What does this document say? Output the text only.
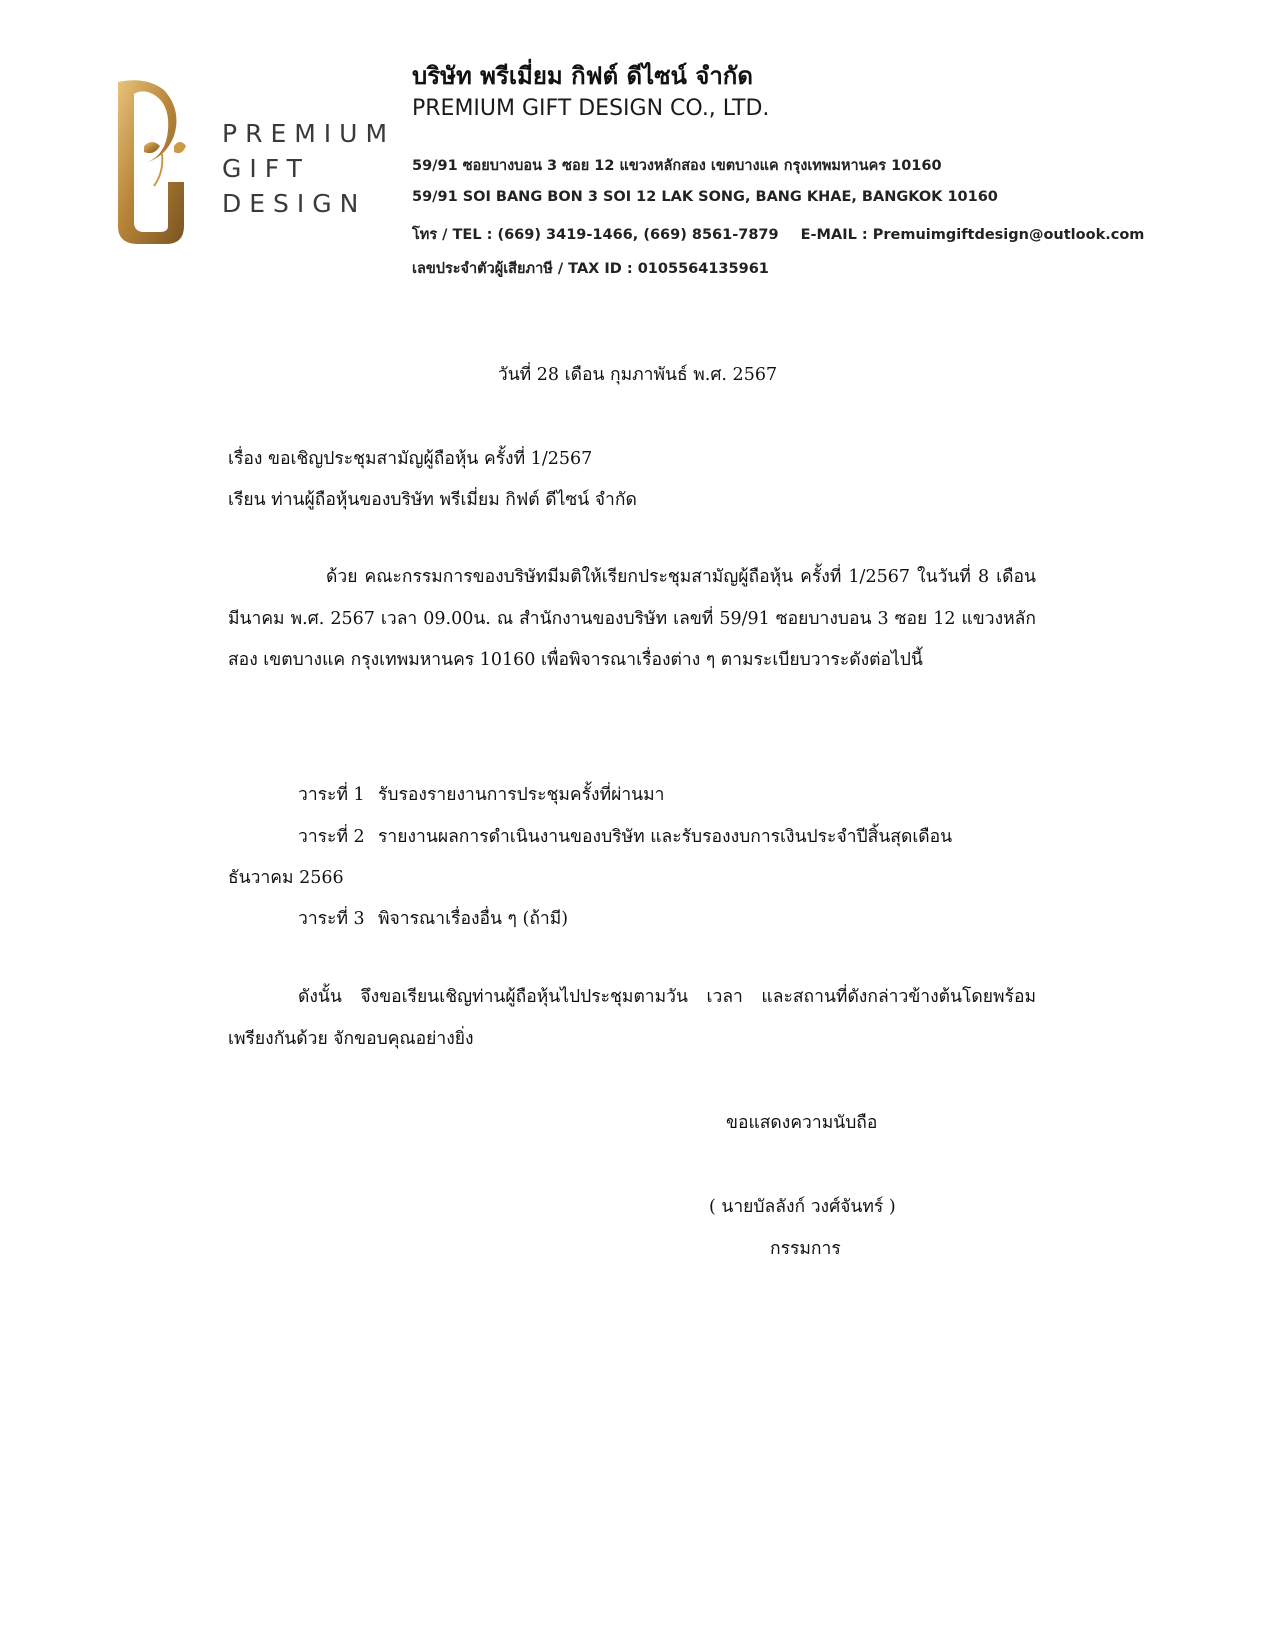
PREMIUM
GIFT
DESIGN
บริษัท พรีเมี่ยม กิฟต์ ดีไซน์ จำกัด
PREMIUM GIFT DESIGN CO., LTD.
59/91 ซอยบางบอน 3 ซอย 12 แขวงหลักสอง เขตบางแค กรุงเทพมหานคร 10160
59/91 SOI BANG BON 3 SOI 12 LAK SONG, BANG KHAE, BANGKOK 10160
โทร / TEL : (669) 3419-1466, (669) 8561-7879 E-MAIL : Premuimgiftdesign@outlook.com
เลขประจำตัวผู้เสียภาษี / TAX ID : 0105564135961
วันที่ 28 เดือน กุมภาพันธ์ พ.ศ. 2567
เรื่อง ขอเชิญประชุมสามัญผู้ถือหุ้น ครั้งที่ 1/2567
เรียน ท่านผู้ถือหุ้นของบริษัท พรีเมี่ยม กิฟต์ ดีไซน์ จำกัด

ด้วย คณะกรรมการของบริษัทมีมติให้เรียกประชุมสามัญผู้ถือหุ้น ครั้งที่ 1/2567 ในวันที่ 8 เดือน มีนาคม พ.ศ. 2567 เวลา 09.00น. ณ สำนักงานของบริษัท เลขที่ 59/91 ซอยบางบอน 3 ซอย 12 แขวงหลักสอง เขตบางแค กรุงเทพมหานคร 10160 เพื่อพิจารณาเรื่องต่าง ๆ ตามระเบียบวาระดังต่อไปนี้

วาระที่ 1 รับรองรายงานการประชุมครั้งที่ผ่านมา
วาระที่ 2 รายงานผลการดำเนินงานของบริษัท และรับรองงบการเงินประจำปีสิ้นสุดเดือน
ธันวาคม 2566
วาระที่ 3 พิจารณาเรื่องอื่น ๆ (ถ้ามี)

ดังนั้น จึงขอเรียนเชิญท่านผู้ถือหุ้นไปประชุมตามวัน เวลา และสถานที่ดังกล่าวข้างต้นโดยพร้อมเพรียงกันด้วย จักขอบคุณอย่างยิ่ง

ขอแสดงความนับถือ
( นายบัลลังก์ วงศ์จันทร์ )
กรรมการ
